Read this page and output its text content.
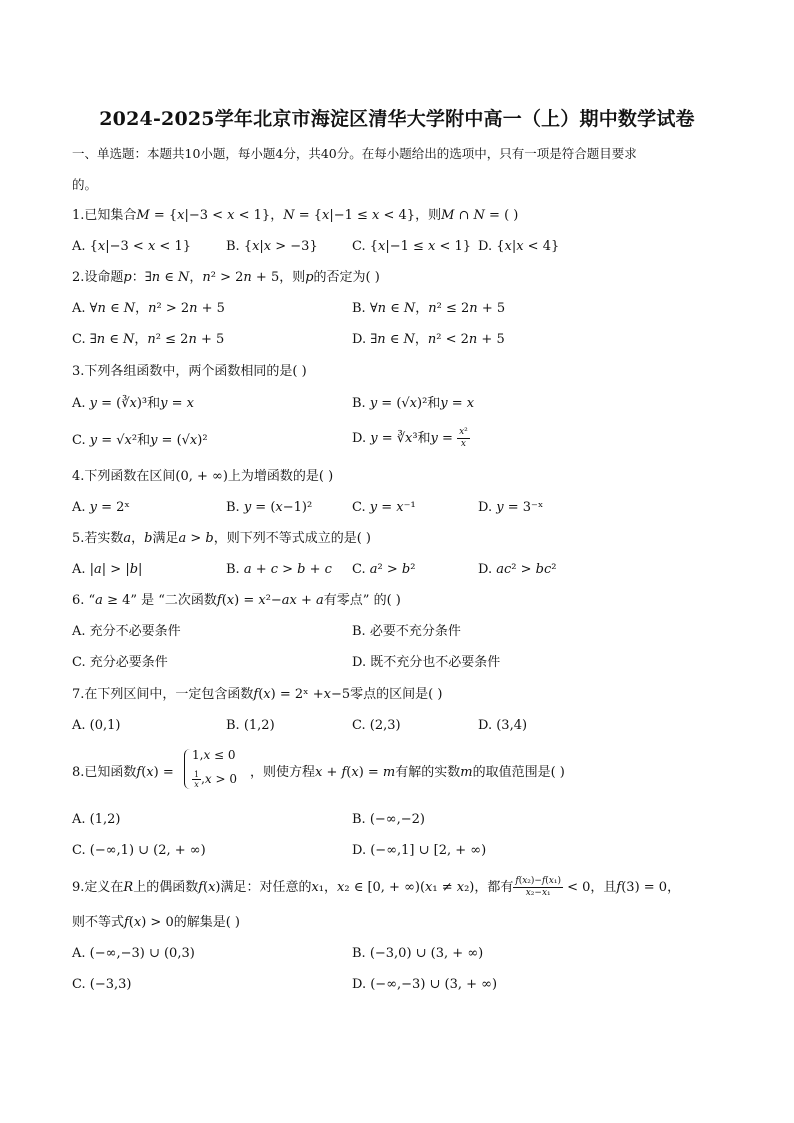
2024-2025学年北京市海淀区清华大学附中高一（上）期中数学试卷
一、单选题：本题共10小题，每小题4分，共40分。在每小题给出的选项中，只有一项是符合题目要求
的。
1.已知集合𝑀 = {𝑥|−3 < 𝑥 < 1}，𝑁 = {𝑥|−1 ≤ 𝑥 < 4}，则𝑀 ∩ 𝑁 = ( )
A. {𝑥|−3 < 𝑥 < 1}	B. {𝑥|𝑥 > −3}	C. {𝑥|−1 ≤ 𝑥 < 1} D. {𝑥|𝑥 < 4}
2.设命题𝑝：∃𝑛 ∈ 𝑁，𝑛² > 2𝑛 + 5，则𝑝的否定为( )
A. ∀𝑛 ∈ 𝑁，𝑛² > 2𝑛 + 5	B. ∀𝑛 ∈ 𝑁，𝑛² ≤ 2𝑛 + 5
C. ∃𝑛 ∈ 𝑁，𝑛² ≤ 2𝑛 + 5	D. ∃𝑛 ∈ 𝑁，𝑛² < 2𝑛 + 5
3.下列各组函数中，两个函数相同的是( )
A. 𝑦 = (∛𝑥)³和𝑦 = 𝑥	B. 𝑦 = (√𝑥)²和𝑦 = 𝑥
C. 𝑦 = √𝑥²和𝑦 = (√𝑥)²	D. 𝑦 = ∛𝑥³和𝑦 = $\frac{\text{𝑥²}}{\text{𝑥}}$
4.下列函数在区间(0, + ∞)上为增函数的是( )
A. 𝑦 = 2ˣ	B. 𝑦 = (𝑥−1)²	C. 𝑦 = 𝑥⁻¹	D. 𝑦 = 3⁻ˣ
5.若实数𝑎，𝑏满足𝑎 > 𝑏，则下列不等式成立的是( )
A. |𝑎| > |𝑏|	B. 𝑎 + 𝑐 > 𝑏 + 𝑐 C. 𝑎² > 𝑏²	D. 𝑎𝑐² > 𝑏𝑐²
6. “𝑎 ≥ 4” 是 “二次函数𝑓(𝑥) = 𝑥²−𝑎𝑥 + 𝑎有零点” 的( )
A. 充分不必要条件	B. 必要不充分条件
C. 充分必要条件	D. 既不充分也不必要条件
7.在下列区间中，一定包含函数𝑓(𝑥) = 2ˣ +𝑥−5零点的区间是( )
A. (0,1)	B. (1,2)	C. (2,3)	D. (3,4)
8.已知函数𝑓(𝑥) =
1,𝑥 ≤ 0
$\frac{1}{\text{𝑥}}$ ,𝑥 > 0 ，则使方程𝑥 + 𝑓(𝑥) = 𝑚有解的实数𝑚的取值范围是( )
A. (1,2)	B. (−∞,−2)
C. (−∞,1) ∪ (2, + ∞)	D. (−∞,1] ∪ [2, + ∞)
9.定义在𝑅上的偶函数𝑓(𝑥)满足：对任意的𝑥₁，𝑥₂ ∈ [0, + ∞)(𝑥₁ ≠ 𝑥₂)，都有 $\frac{\text{𝑓(𝑥₂)−𝑓(𝑥₁)}}{\text{𝑥₂−𝑥₁}} < 0$，且𝑓(3) = 0，
则不等式𝑓(𝑥) > 0的解集是( )
A. (−∞,−3) ∪ (0,3)	B. (−3,0) ∪ (3, + ∞)
C. (−3,3)	D. (−∞,−3) ∪ (3, + ∞)
